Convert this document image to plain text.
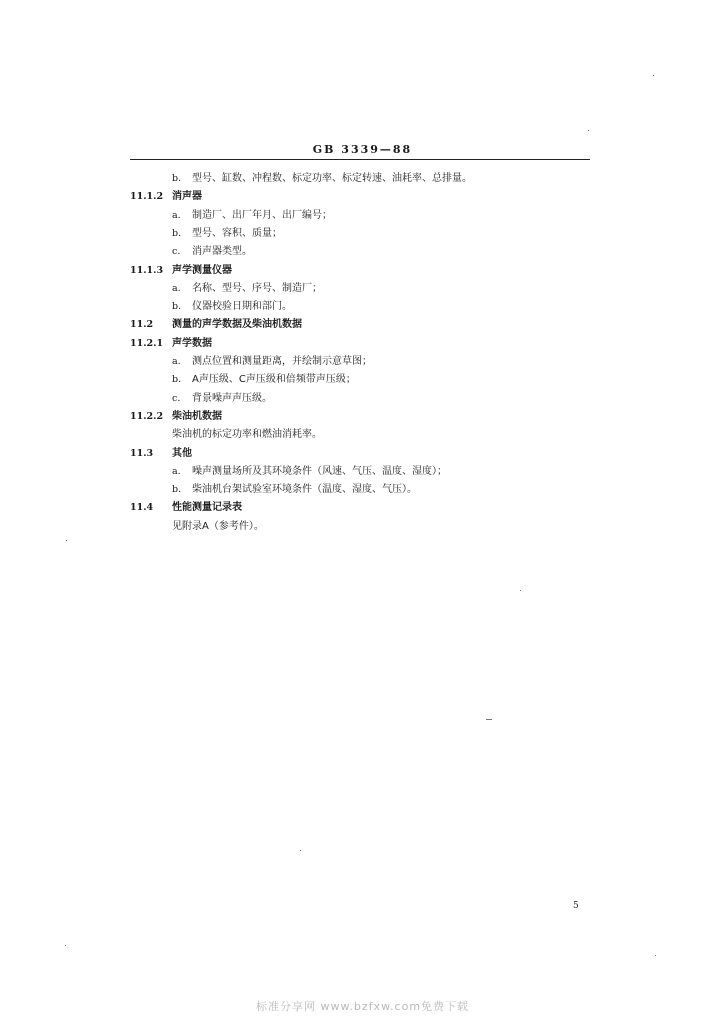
GB 3339—88
b. 型号、缸数、冲程数、标定功率、标定转速、油耗率、总排量。
11.1.2 消声器
a. 制造厂、出厂年月、出厂编号；
b. 型号、容积、质量；
c. 消声器类型。
11.1.3 声学测量仪器
a. 名称、型号、序号、制造厂；
b. 仪器校验日期和部门。
11.2 测量的声学数据及柴油机数据
11.2.1 声学数据
a. 测点位置和测量距离，并绘制示意草图；
b. A声压级、C声压级和倍频带声压级；
c. 背景噪声声压级。
11.2.2 柴油机数据
柴油机的标定功率和燃油消耗率。
11.3 其他
a. 噪声测量场所及其环境条件（风速、气压、温度、湿度）；
b. 柴油机台架试验室环境条件（温度、湿度、气压）。
11.4 性能测量记录表
见附录A（参考件）。
5
标准分享网 www.bzfxw.com免费下载
